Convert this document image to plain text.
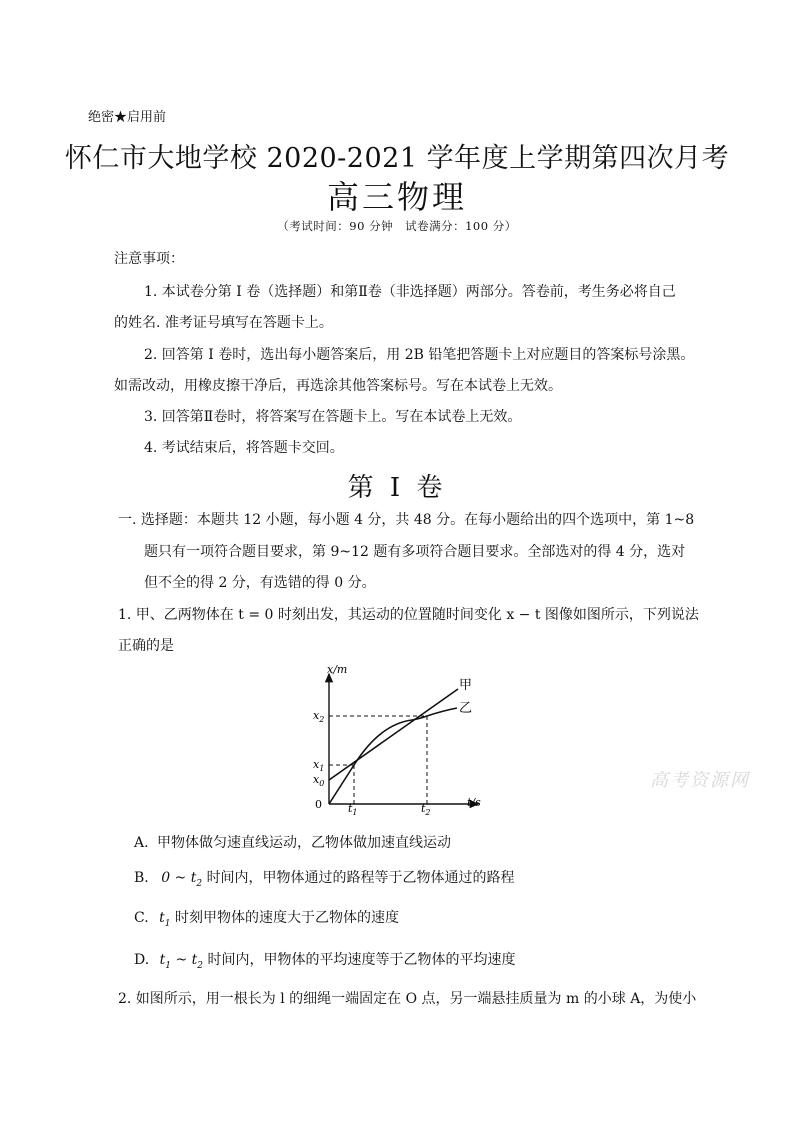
绝密★启用前
怀仁市大地学校 2020-2021 学年度上学期第四次月考
高三物理
（考试时间：90 分钟　试卷满分：100 分）
注意事项：
1. 本试卷分第 I 卷（选择题）和第Ⅱ卷（非选择题）两部分。答卷前，考生务必将自己
的姓名. 准考证号填写在答题卡上。
2. 回答第 I 卷时，选出每小题答案后，用 2B 铅笔把答题卡上对应题目的答案标号涂黑。
如需改动，用橡皮擦干净后，再选涂其他答案标号。写在本试卷上无效。
3. 回答第Ⅱ卷时，将答案写在答题卡上。写在本试卷上无效。
4. 考试结束后，将答题卡交回。
第 I 卷
一. 选择题：本题共 12 小题，每小题 4 分，共 48 分。在每小题给出的四个选项中，第 1~8
题只有一项符合题目要求，第 9~12 题有多项符合题目要求。全部选对的得 4 分，选对
但不全的得 2 分，有选错的得 0 分。
1. 甲、乙两物体在 t = 0 时刻出发，其运动的位置随时间变化 x − t 图像如图所示，下列说法
正确的是
x/m
t/s
0
甲
乙
$x_2$
$x_1$
$x_0$
$t_1$	$t_2$
高考资源网
A. 甲物体做匀速直线运动，乙物体做加速直线运动
B. 0 ~ $t_2$ 时间内，甲物体通过的路程等于乙物体通过的路程
C. $t_1$ 时刻甲物体的速度大于乙物体的速度
D. $t_1$ ~ $t_2$ 时间内，甲物体的平均速度等于乙物体的平均速度
2. 如图所示，用一根长为 l 的细绳一端固定在 O 点，另一端悬挂质量为 m 的小球 A，为使小
